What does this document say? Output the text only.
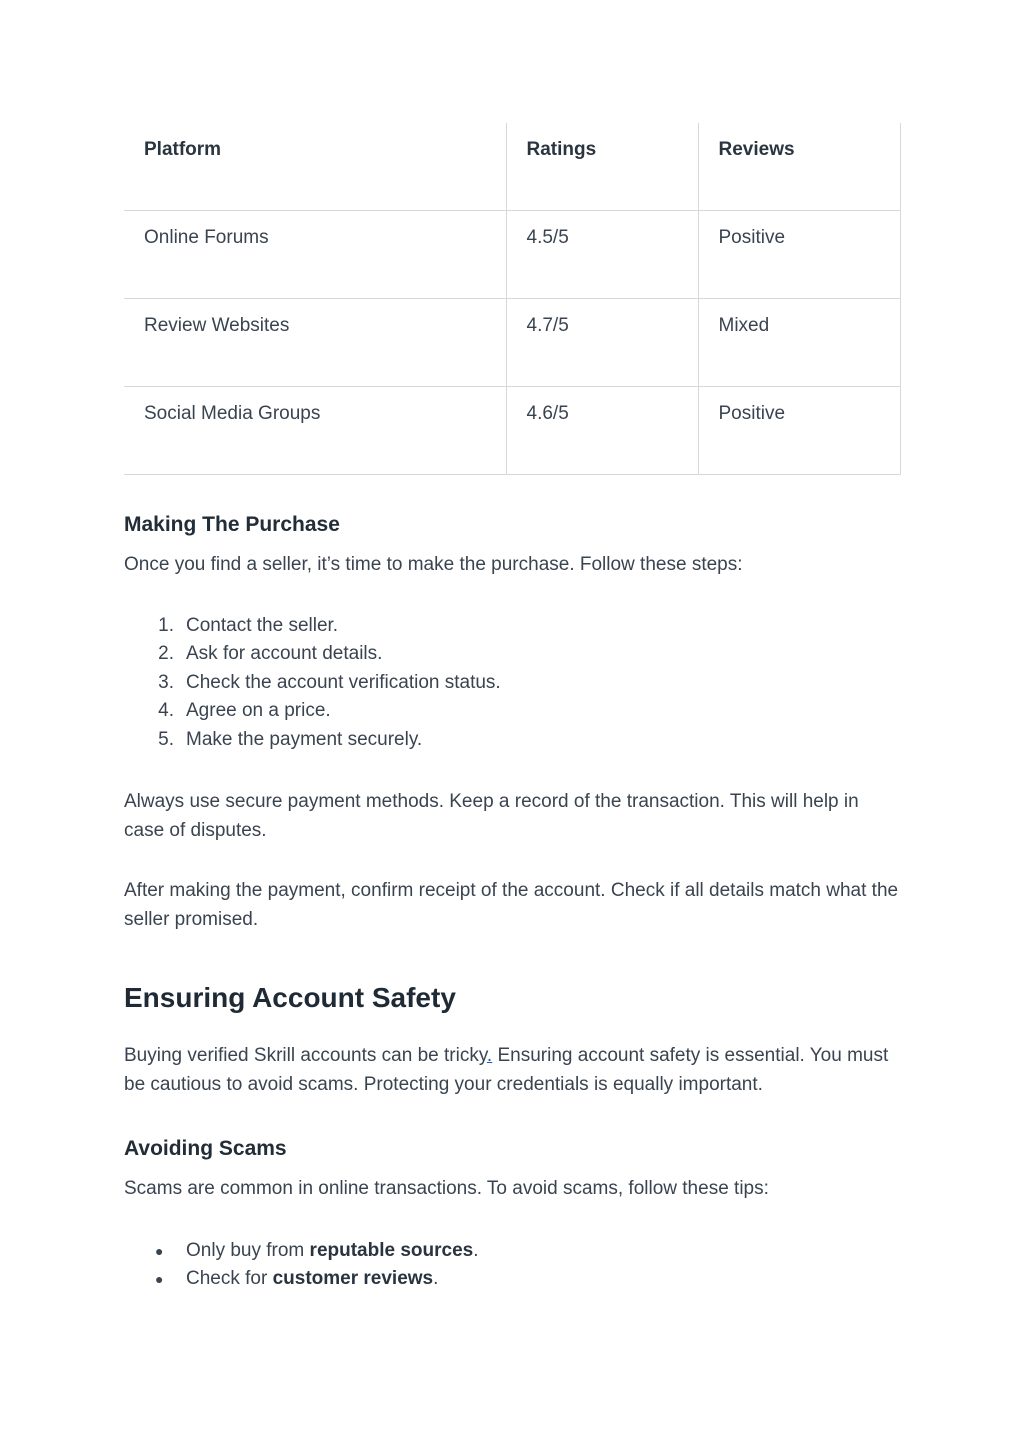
Platform	Ratings	Reviews
Online Forums	4.5/5	Positive
Review Websites	4.7/5	Mixed
Social Media Groups	4.6/5	Positive
Making The Purchase

Once you find a seller, it’s time to make the purchase. Follow these steps:

1. Contact the seller.
2. Ask for account details.
3. Check the account verification status.
4. Agree on a price.
5. Make the payment securely.

Always use secure payment methods. Keep a record of the transaction. This will help in case of disputes.

After making the payment, confirm receipt of the account. Check if all details match what the seller promised.

Ensuring Account Safety

Buying verified Skrill accounts can be tricky. Ensuring account safety is essential. You must be cautious to avoid scams. Protecting your credentials is equally important.

Avoiding Scams

Scams are common in online transactions. To avoid scams, follow these tips:

● Only buy from reputable sources.
● Check for customer reviews.
